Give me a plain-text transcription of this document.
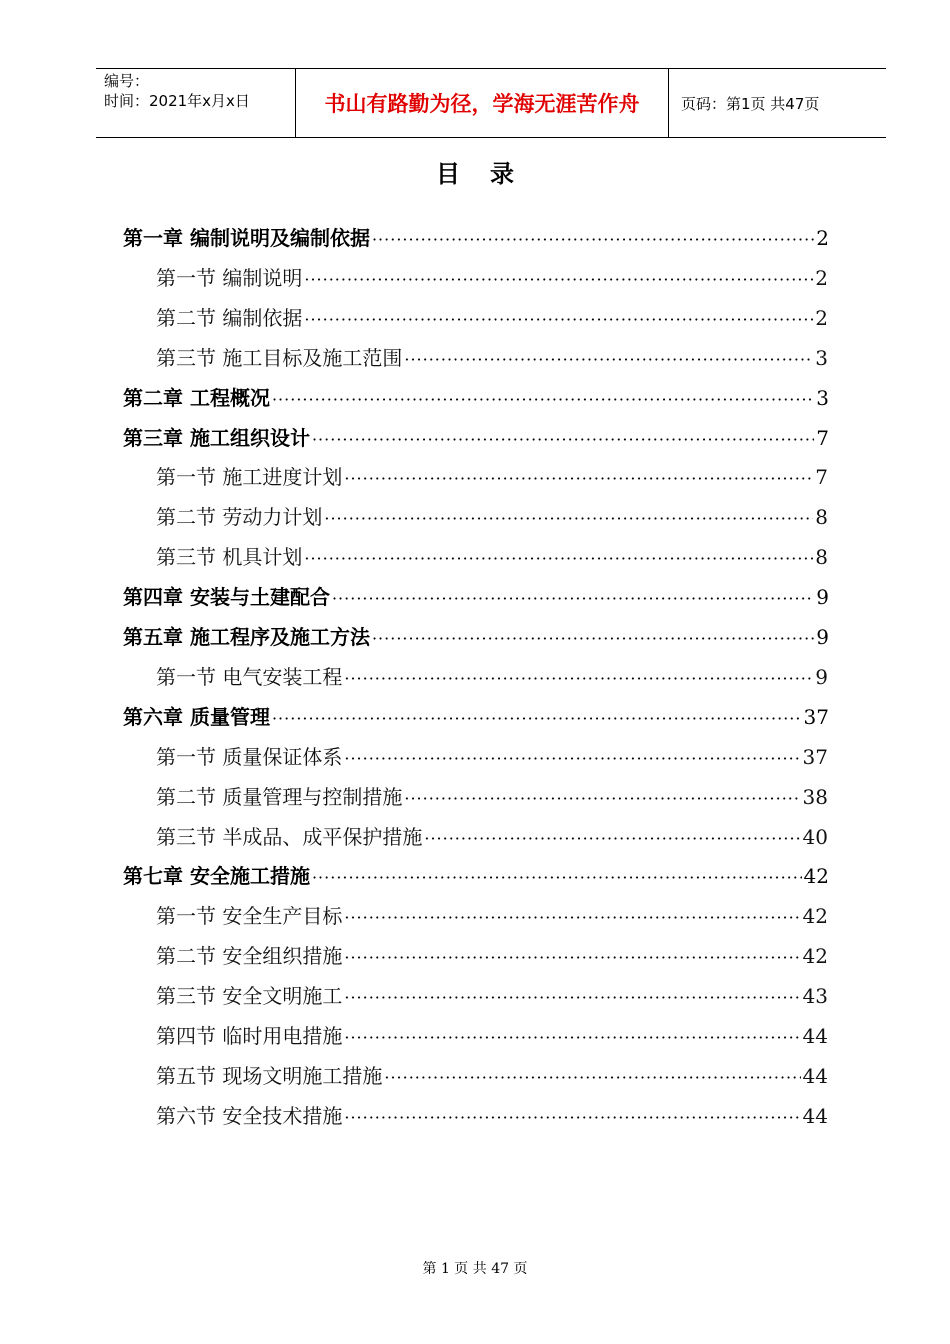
编号：
时间：2021年x月x日	书山有路勤为径，学海无涯苦作舟	页码：第1页 共47页
目录
第一章 编制说明及编制依据 ·····	2
第一节 编制说明 ·····	2
第二节 编制依据 ·····	2
第三节 施工目标及施工范围 ·····	3
第二章 工程概况 ·····	3
第三章 施工组织设计 ·····	7
第一节 施工进度计划 ·····	7
第二节 劳动力计划 ·····	8
第三节 机具计划 ·····	8
第四章 安装与土建配合 ·····	9
第五章 施工程序及施工方法 ·····	9
第一节 电气安装工程 ·····	9
第六章 质量管理 ·····	37
第一节 质量保证体系 ·····	37
第二节 质量管理与控制措施 ·····	38
第三节 半成品、成平保护措施 ·····	40
第七章 安全施工措施 ·····	42
第一节 安全生产目标 ·····	42
第二节 安全组织措施 ·····	42
第三节 安全文明施工 ·····	43
第四节 临时用电措施 ·····	44
第五节 现场文明施工措施 ·····	44
第六节 安全技术措施 ·····	44
第 1 页 共 47 页
